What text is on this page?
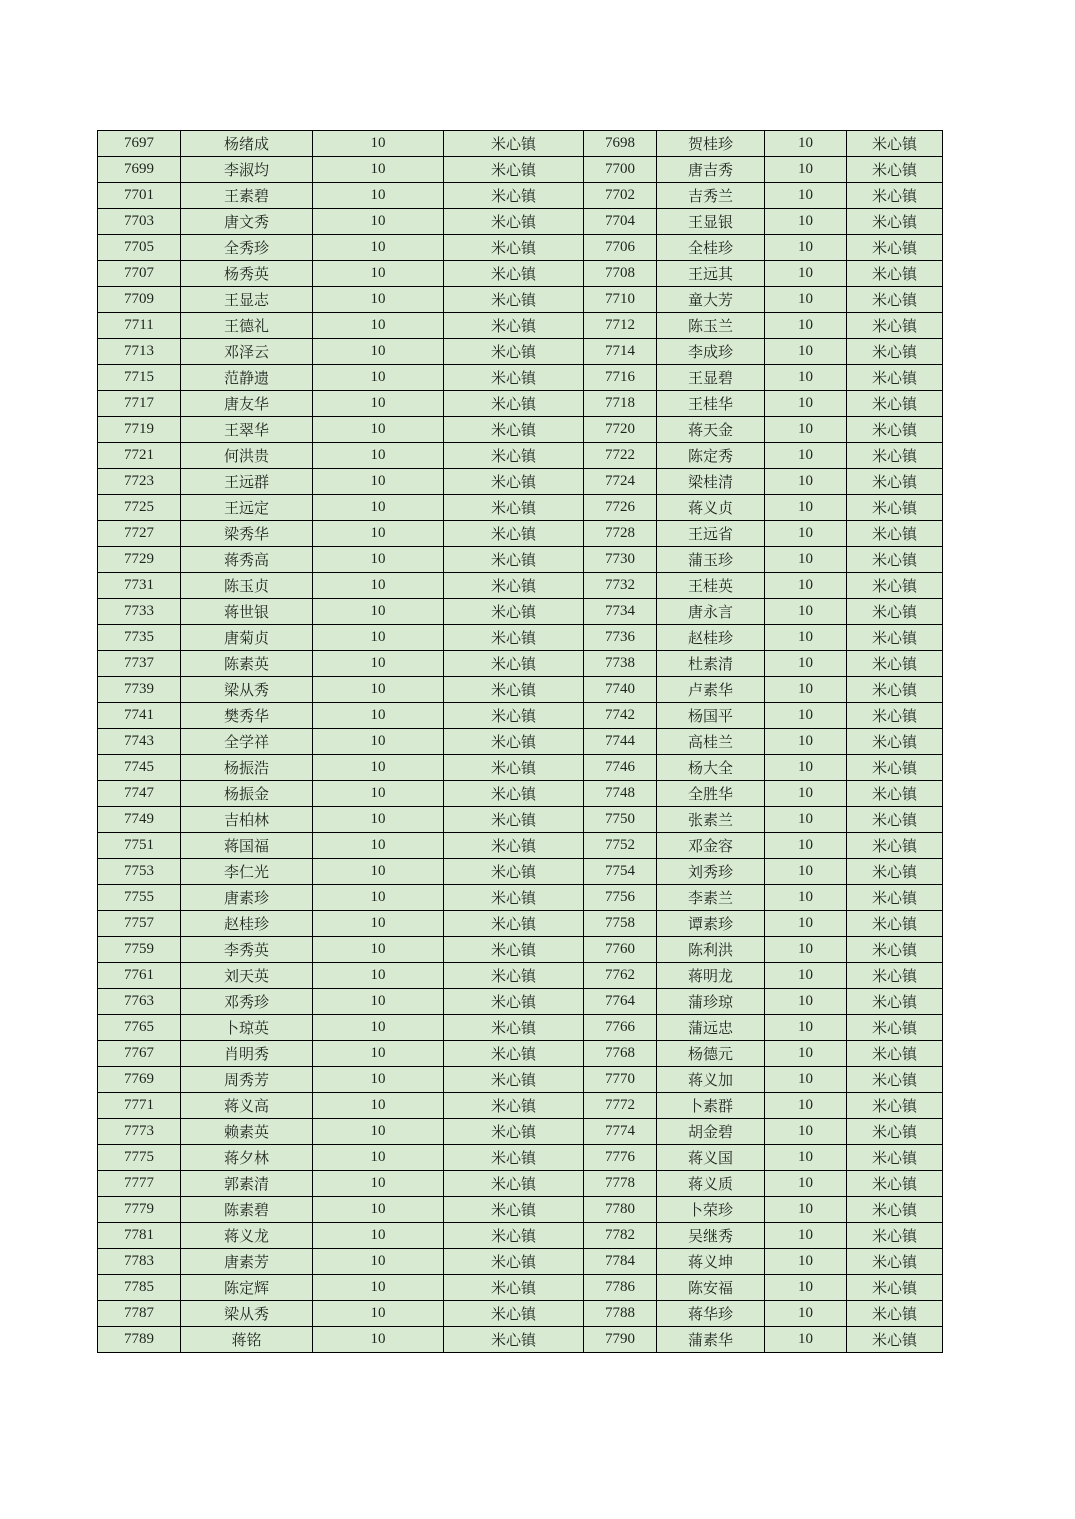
7697	杨绪成	10	米心镇	7698	贺桂珍	10	米心镇
7699	李淑均	10	米心镇	7700	唐吉秀	10	米心镇
7701	王素碧	10	米心镇	7702	吉秀兰	10	米心镇
7703	唐文秀	10	米心镇	7704	王显银	10	米心镇
7705	全秀珍	10	米心镇	7706	全桂珍	10	米心镇
7707	杨秀英	10	米心镇	7708	王远其	10	米心镇
7709	王显志	10	米心镇	7710	童大芳	10	米心镇
7711	王德礼	10	米心镇	7712	陈玉兰	10	米心镇
7713	邓泽云	10	米心镇	7714	李成珍	10	米心镇
7715	范静遗	10	米心镇	7716	王显碧	10	米心镇
7717	唐友华	10	米心镇	7718	王桂华	10	米心镇
7719	王翠华	10	米心镇	7720	蒋天金	10	米心镇
7721	何洪贵	10	米心镇	7722	陈定秀	10	米心镇
7723	王远群	10	米心镇	7724	梁桂清	10	米心镇
7725	王远定	10	米心镇	7726	蒋义贞	10	米心镇
7727	梁秀华	10	米心镇	7728	王远省	10	米心镇
7729	蒋秀高	10	米心镇	7730	蒲玉珍	10	米心镇
7731	陈玉贞	10	米心镇	7732	王桂英	10	米心镇
7733	蒋世银	10	米心镇	7734	唐永言	10	米心镇
7735	唐菊贞	10	米心镇	7736	赵桂珍	10	米心镇
7737	陈素英	10	米心镇	7738	杜素清	10	米心镇
7739	梁从秀	10	米心镇	7740	卢素华	10	米心镇
7741	樊秀华	10	米心镇	7742	杨国平	10	米心镇
7743	全学祥	10	米心镇	7744	高桂兰	10	米心镇
7745	杨振浩	10	米心镇	7746	杨大全	10	米心镇
7747	杨振金	10	米心镇	7748	全胜华	10	米心镇
7749	吉柏林	10	米心镇	7750	张素兰	10	米心镇
7751	蒋国福	10	米心镇	7752	邓金容	10	米心镇
7753	李仁光	10	米心镇	7754	刘秀珍	10	米心镇
7755	唐素珍	10	米心镇	7756	李素兰	10	米心镇
7757	赵桂珍	10	米心镇	7758	谭素珍	10	米心镇
7759	李秀英	10	米心镇	7760	陈利洪	10	米心镇
7761	刘天英	10	米心镇	7762	蒋明龙	10	米心镇
7763	邓秀珍	10	米心镇	7764	蒲珍琼	10	米心镇
7765	卜琼英	10	米心镇	7766	蒲远忠	10	米心镇
7767	肖明秀	10	米心镇	7768	杨德元	10	米心镇
7769	周秀芳	10	米心镇	7770	蒋义加	10	米心镇
7771	蒋义高	10	米心镇	7772	卜素群	10	米心镇
7773	赖素英	10	米心镇	7774	胡金碧	10	米心镇
7775	蒋夕林	10	米心镇	7776	蒋义国	10	米心镇
7777	郭素清	10	米心镇	7778	蒋义质	10	米心镇
7779	陈素碧	10	米心镇	7780	卜荣珍	10	米心镇
7781	蒋义龙	10	米心镇	7782	吴继秀	10	米心镇
7783	唐素芳	10	米心镇	7784	蒋义坤	10	米心镇
7785	陈定辉	10	米心镇	7786	陈安福	10	米心镇
7787	梁从秀	10	米心镇	7788	蒋华珍	10	米心镇
7789	蒋铭	10	米心镇	7790	蒲素华	10	米心镇
